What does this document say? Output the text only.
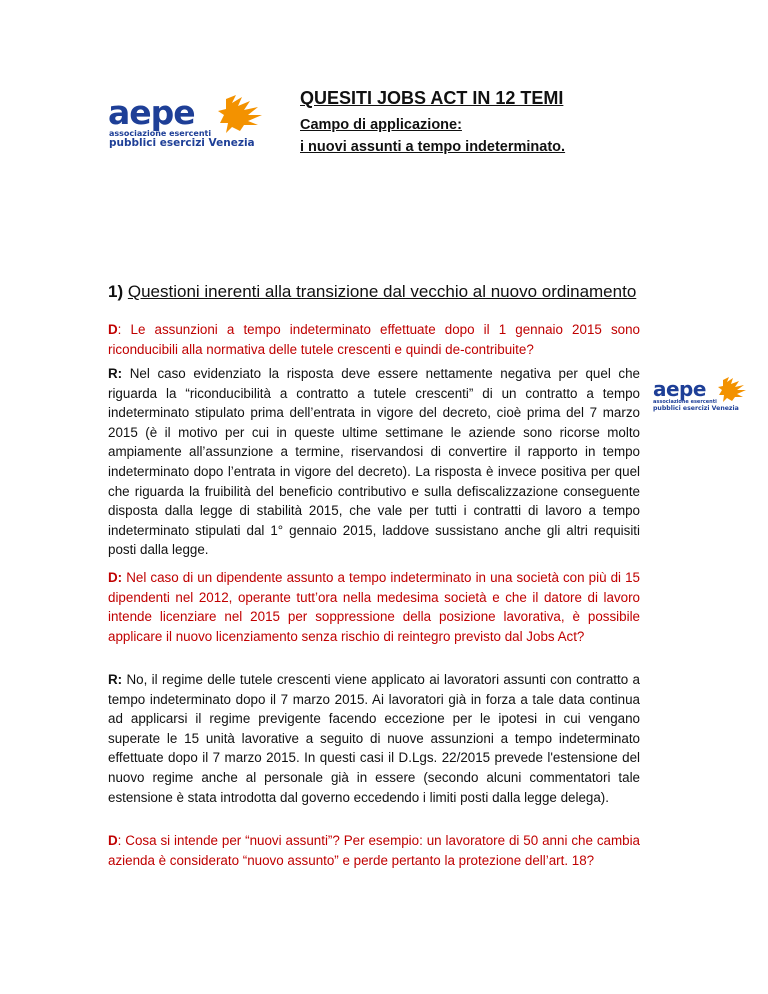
aepe
associazione esercenti
pubblici esercizi Venezia
QUESITI JOBS ACT IN 12 TEMI
Campo di applicazione:
i nuovi assunti a tempo indeterminato.
1) Questioni inerenti alla transizione dal vecchio al nuovo ordinamento

D: Le assunzioni a tempo indeterminato effettuate dopo il 1 gennaio 2015 sono riconducibili alla normativa delle tutele crescenti e quindi de-contribuite?

R: Nel caso evidenziato la risposta deve essere nettamente negativa per quel che riguarda la “riconducibilità a contratto a tutele crescenti” di un contratto a tempo indeterminato stipulato prima dell’entrata in vigore del decreto, cioè prima del 7 marzo 2015 (è il motivo per cui in queste ultime settimane le aziende sono ricorse molto ampiamente all’assunzione a termine, riservandosi di convertire il rapporto in tempo indeterminato dopo l’entrata in vigore del decreto). La risposta è invece positiva per quel che riguarda la fruibilità del beneficio contributivo e sulla defiscalizzazione conseguente disposta dalla legge di stabilità 2015, che vale per tutti i contratti di lavoro a tempo indeterminato stipulati dal 1° gennaio 2015, laddove sussistano anche gli altri requisiti posti dalla legge.

aepe
associazione esercenti
pubblici esercizi Venezia

D: Nel caso di un dipendente assunto a tempo indeterminato in una società con più di 15 dipendenti nel 2012, operante tutt’ora nella medesima società e che il datore di lavoro intende licenziare nel 2015 per soppressione della posizione lavorativa, è possibile applicare il nuovo licenziamento senza rischio di reintegro previsto dal Jobs Act?

R: No, il regime delle tutele crescenti viene applicato ai lavoratori assunti con contratto a tempo indeterminato dopo il 7 marzo 2015. Ai lavoratori già in forza a tale data continua ad applicarsi il regime previgente facendo eccezione per le ipotesi in cui vengano superate le 15 unità lavorative a seguito di nuove assunzioni a tempo indeterminato effettuate dopo il 7 marzo 2015. In questi casi il D.Lgs. 22/2015 prevede l'estensione del nuovo regime anche al personale già in essere (secondo alcuni commentatori tale estensione è stata introdotta dal governo eccedendo i limiti posti dalla legge delega).

D: Cosa si intende per “nuovi assunti”? Per esempio: un lavoratore di 50 anni che cambia azienda è considerato “nuovo assunto” e perde pertanto la protezione dell’art. 18?
